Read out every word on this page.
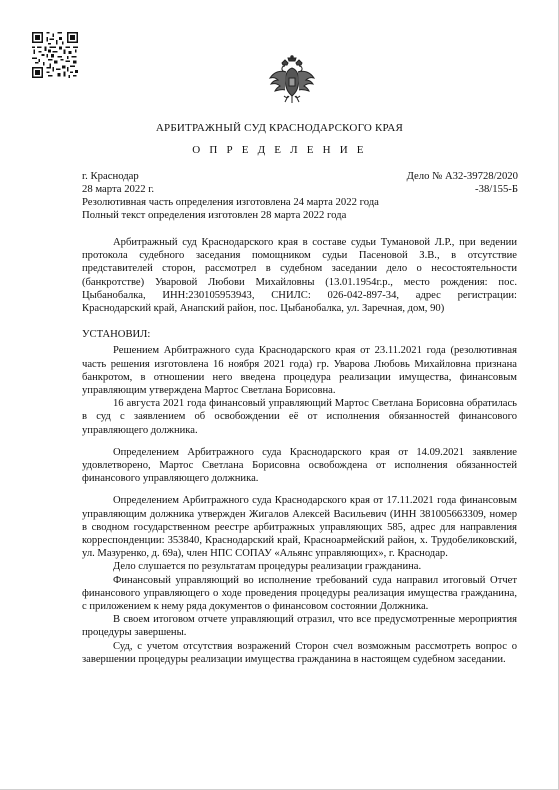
АРБИТРАЖНЫЙ СУД КРАСНОДАРСКОГО КРАЯ
О П Р Е Д Е Л Е Н И Е
г. Краснодар
28 марта 2022 г.
Резолютивная часть определения изготовлена 24 марта 2022 года
Полный текст определения изготовлен 28 марта 2022 года
Дело № А32-39728/2020
-38/155-Б

Арбитражный суд Краснодарского края в составе судьи Тумановой Л.Р., при ведении протокола судебного заседания помощником судьи Пасеновой З.В., в отсутствие представителей сторон, рассмотрел в судебном заседании дело о несостоятельности (банкротстве) Уваровой Любови Михайловны (13.01.1954г.р., место рождения: пос. Цыбанобалка, ИНН:230105953943, СНИЛС: 026-042-897-34, адрес регистрации: Краснодарский край, Анапский район, пос. Цыбанобалка, ул. Заречная, дом, 90)

УСТАНОВИЛ:

Решением Арбитражного суда Краснодарского края от 23.11.2021 года (резолютивная часть решения изготовлена 16 ноября 2021 года) гр. Уварова Любовь Михайловна признана банкротом, в отношении него введена процедура реализации имущества, финансовым управляющим утверждена Мартос Светлана Борисовна.

16 августа 2021 года финансовый управляющий Мартос Светлана Борисовна обратилась в суд с заявлением об освобождении её от исполнения обязанностей финансового управляющего должника.

Определением Арбитражного суда Краснодарского края от 14.09.2021 заявление удовлетворено, Мартос Светлана Борисовна освобождена от исполнения обязанностей финансового управляющего должника.

Определением Арбитражного суда Краснодарского края от 17.11.2021 года финансовым управляющим должника утвержден Жигалов Алексей Васильевич (ИНН 381005663309, номер в сводном государственном реестре арбитражных управляющих 585, адрес для направления корреспонденции: 353840, Краснодарский край, Красноармейский район, х. Трудобеликовский, ул. Мазуренко, д. 69а), член НПС СОПАУ «Альянс управляющих», г. Краснодар.

Дело слушается по результатам процедуры реализации гражданина.

Финансовый управляющий во исполнение требований суда направил итоговый Отчет финансового управляющего о ходе проведения процедуры реализация имущества гражданина, с приложением к нему ряда документов о финансовом состоянии Должника.

В своем итоговом отчете управляющий отразил, что все предусмотренные мероприятия процедуры завершены.

Суд, с учетом отсутствия возражений Сторон счел возможным рассмотреть вопрос о завершении процедуры реализации имущества гражданина в настоящем судебном заседании.
